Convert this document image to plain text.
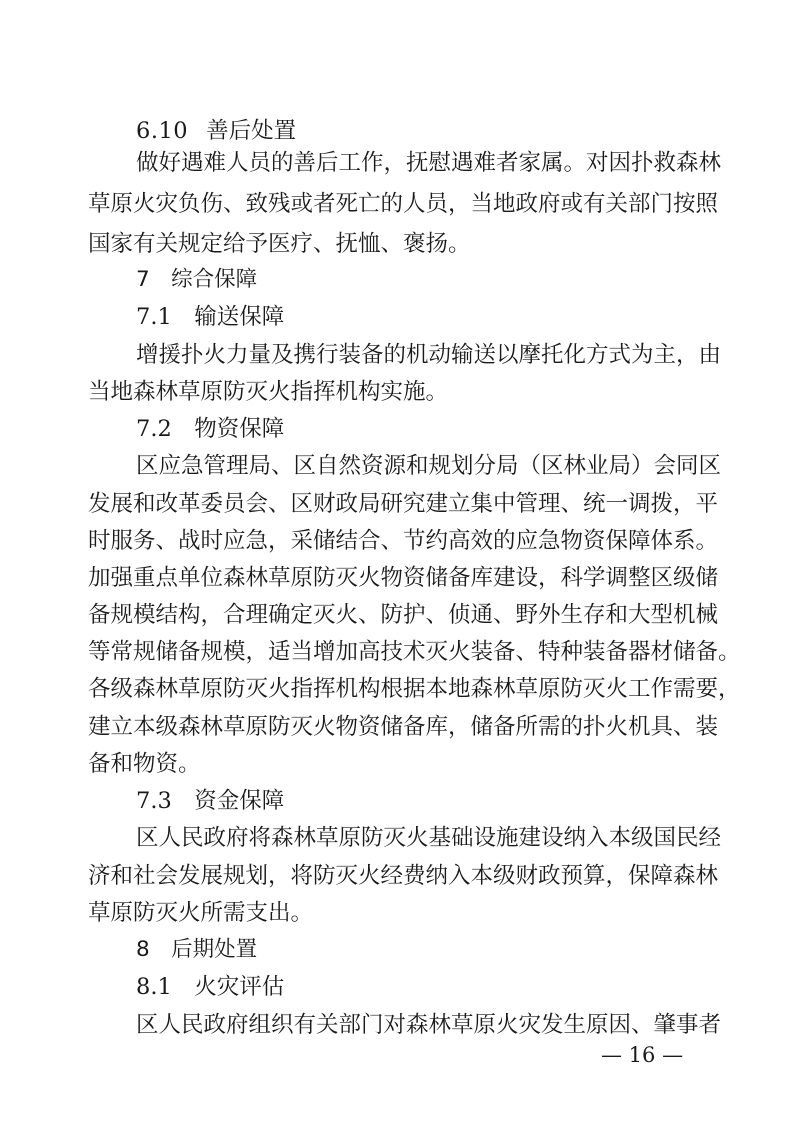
6.10 善后处置
做好遇难人员的善后工作，抚慰遇难者家属。对因扑救森林
草原火灾负伤、致残或者死亡的人员，当地政府或有关部门按照
国家有关规定给予医疗、抚恤、褒扬。
7　综合保障
7.1　输送保障
增援扑火力量及携行装备的机动输送以摩托化方式为主，由
当地森林草原防灭火指挥机构实施。
7.2　物资保障
区应急管理局、区自然资源和规划分局（区林业局）会同区
发展和改革委员会、区财政局研究建立集中管理、统一调拨，平
时服务、战时应急，采储结合、节约高效的应急物资保障体系。
加强重点单位森林草原防灭火物资储备库建设，科学调整区级储
备规模结构，合理确定灭火、防护、侦通、野外生存和大型机械
等常规储备规模，适当增加高技术灭火装备、特种装备器材储备。
各级森林草原防灭火指挥机构根据本地森林草原防灭火工作需要，
建立本级森林草原防灭火物资储备库，储备所需的扑火机具、装
备和物资。
7.3　资金保障
区人民政府将森林草原防灭火基础设施建设纳入本级国民经
济和社会发展规划，将防灭火经费纳入本级财政预算，保障森林
草原防灭火所需支出。
8　后期处置
8.1　火灾评估
区人民政府组织有关部门对森林草原火灾发生原因、肇事者
— 16 —
